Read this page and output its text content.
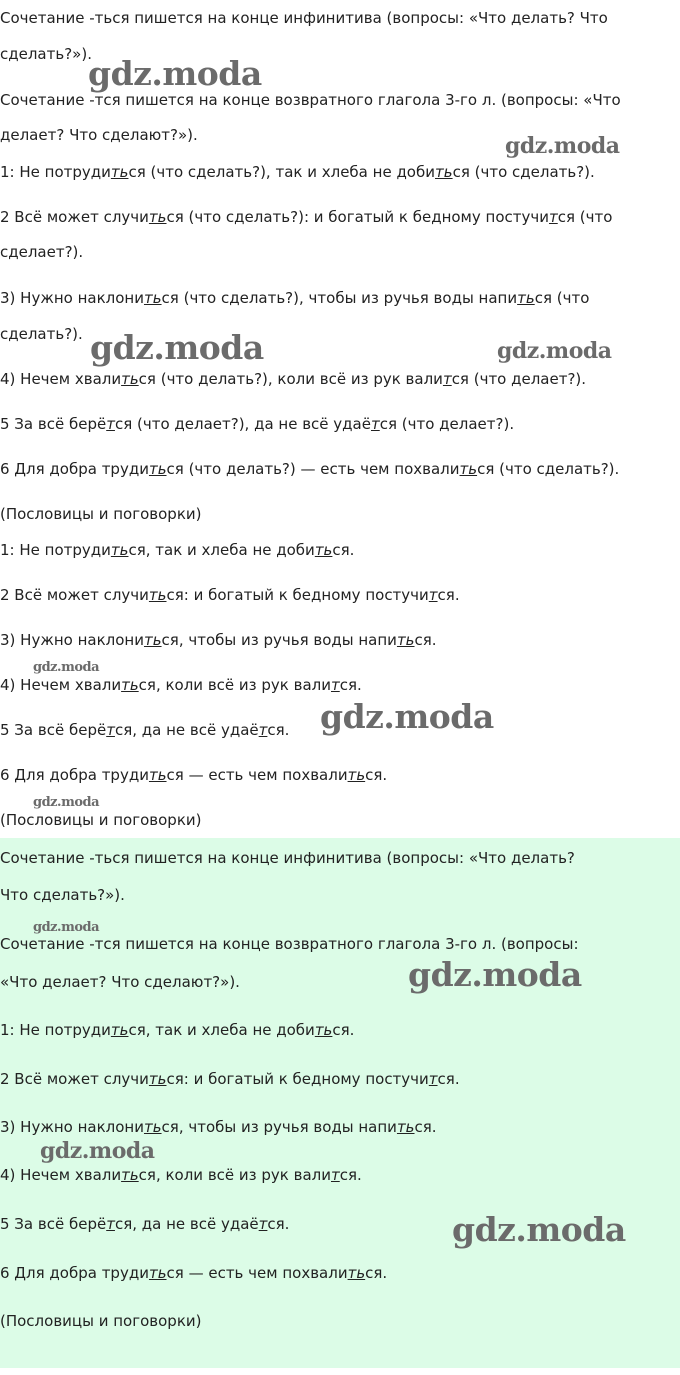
Сочетание -ться пишется на конце инфинитива (вопросы: «Что делать? Что

сделать?»).

Сочетание -тся пишется на конце возвратного глагола 3-го л. (вопросы: «Что

делает? Что сделают?»).

1: Не потрудиться (что сделать?), так и хлеба не добиться (что сделать?).

2 Всё может случиться (что сделать?): и богатый к бедному постучится (что

сделает?).

3) Нужно наклониться (что сделать?), чтобы из ручья воды напиться (что

сделать?).

4) Нечем хвалиться (что делать?), коли всё из рук валится (что делает?).

5 За всё берётся (что делает?), да не всё удаётся (что делает?).

6 Для добра трудиться (что делать?) — есть чем похвалиться (что сделать?).

(Пословицы и поговорки)

1: Не потрудиться, так и хлеба не добиться.

2 Всё может случиться: и богатый к бедному постучится.

3) Нужно наклониться, чтобы из ручья воды напиться.

4) Нечем хвалиться, коли всё из рук валится.

5 За всё берётся, да не всё удаётся.

6 Для добра трудиться — есть чем похвалиться.

(Пословицы и поговорки)

Сочетание -ться пишется на конце инфинитива (вопросы: «Что делать?

Что сделать?»).

Сочетание -тся пишется на конце возвратного глагола 3-го л. (вопросы:

«Что делает? Что сделают?»).

1: Не потрудиться, так и хлеба не добиться.

2 Всё может случиться: и богатый к бедному постучится.

3) Нужно наклониться, чтобы из ручья воды напиться.

4) Нечем хвалиться, коли всё из рук валится.

5 За всё берётся, да не всё удаётся.

6 Для добра трудиться — есть чем похвалиться.

(Пословицы и поговорки)

gdz.moda
gdz.moda
gdz.moda	gdz.moda
gdz.moda
gdz.moda
gdz.moda
gdz.moda
gdz.moda
gdz.moda
gdz.moda
